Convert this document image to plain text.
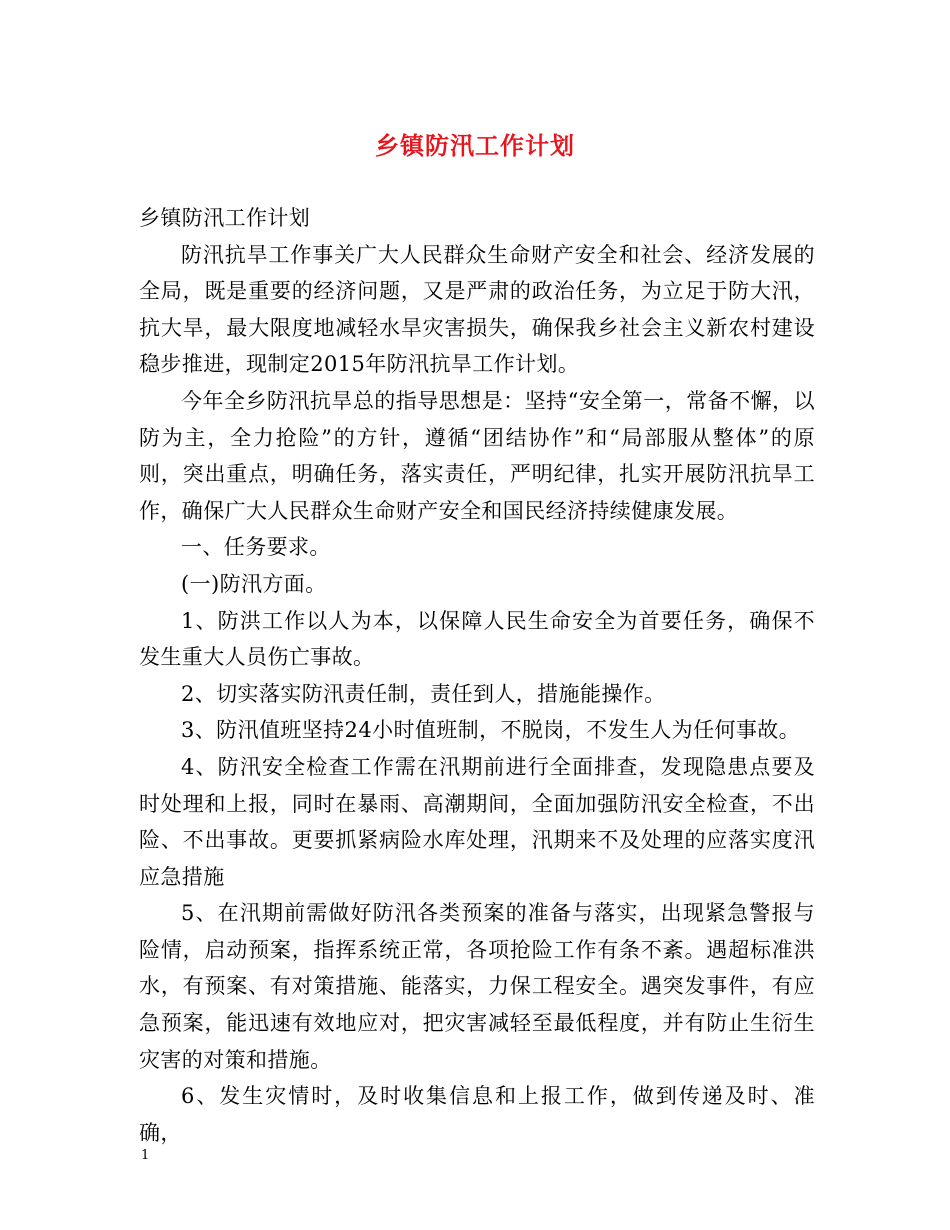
乡镇防汛工作计划

乡镇防汛工作计划

防汛抗旱工作事关广大人民群众生命财产安全和社会、经济发展的全局，既是重要的经济问题，又是严肃的政治任务，为立足于防大汛，抗大旱，最大限度地减轻水旱灾害损失，确保我乡社会主义新农村建设稳步推进，现制定2015年防汛抗旱工作计划。

今年全乡防汛抗旱总的指导思想是：坚持“安全第一，常备不懈，以防为主，全力抢险”的方针，遵循“团结协作”和“局部服从整体”的原则，突出重点，明确任务，落实责任，严明纪律，扎实开展防汛抗旱工作，确保广大人民群众生命财产安全和国民经济持续健康发展。

一、任务要求。

(一)防汛方面。

1、防洪工作以人为本，以保障人民生命安全为首要任务，确保不发生重大人员伤亡事故。

2、切实落实防汛责任制，责任到人，措施能操作。

3、防汛值班坚持24小时值班制，不脱岗，不发生人为任何事故。

4、防汛安全检查工作需在汛期前进行全面排查，发现隐患点要及时处理和上报，同时在暴雨、高潮期间，全面加强防汛安全检查，不出险、不出事故。更要抓紧病险水库处理，汛期来不及处理的应落实度汛应急措施

5、在汛期前需做好防汛各类预案的准备与落实，出现紧急警报与险情，启动预案，指挥系统正常，各项抢险工作有条不紊。遇超标准洪水，有预案、有对策措施、能落实，力保工程安全。遇突发事件，有应急预案，能迅速有效地应对，把灾害减轻至最低程度，并有防止生衍生灾害的对策和措施。

6、发生灾情时，及时收集信息和上报工作，做到传递及时、准确，

1
